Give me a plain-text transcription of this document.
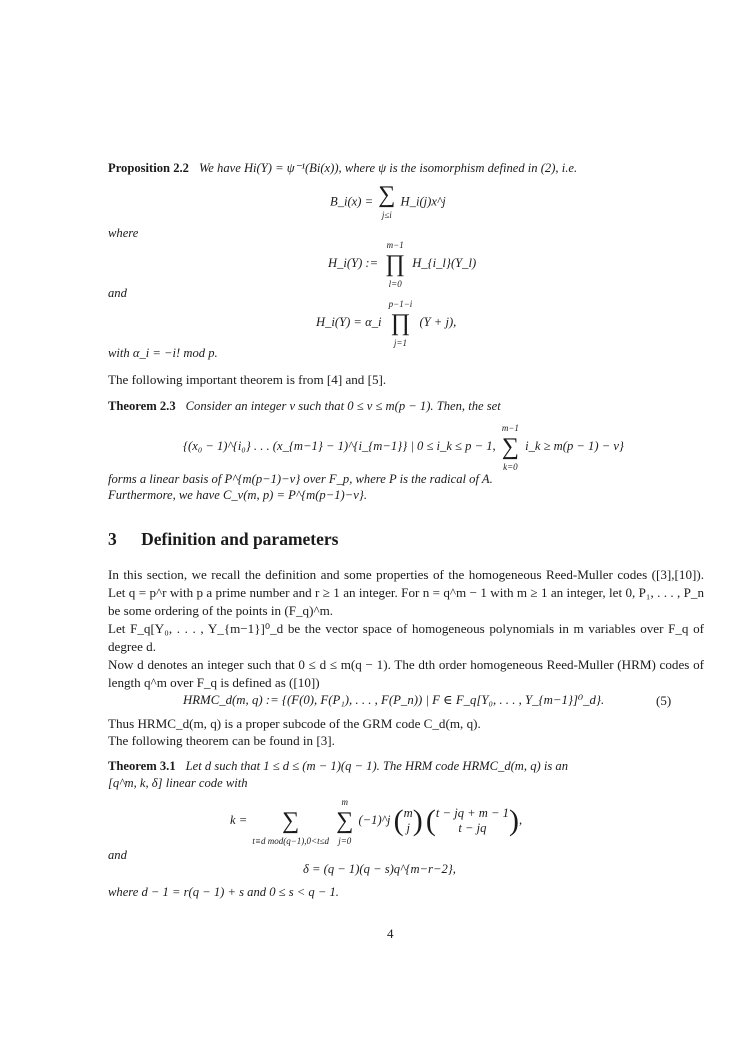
Proposition 2.2 We have Hi(Y) = ψ⁻¹(Bi(x)), where ψ is the isomorphism defined in (2), i.e.
B_i(x) = ∑
j≤i H_i(j)x^j
where
H_i(Y) := m−1
∏
l=0 H_{i_l}(Y_l)
and
H_i(Y) = α_i p−1−i
∏
j=1 (Y + j),
with α_i = −i! mod p.
The following important theorem is from [4] and [5].
Theorem 2.3 Consider an integer ν such that 0 ≤ ν ≤ m(p − 1). Then, the set
{(x₀ − 1)^{i₀} . . . (x_{m−1} − 1)^{i_{m−1}} | 0 ≤ i_k ≤ p − 1, m−1
∑
k=0 i_k ≥ m(p − 1) − ν}
forms a linear basis of P^{m(p−1)−ν} over F_p, where P is the radical of A.
Furthermore, we have C_ν(m, p) = P^{m(p−1)−ν}.
3 Definition and parameters
In this section, we recall the definition and some properties of the homogeneous Reed-Muller codes ([3],[10]). Let q = p^r with p a prime number and r ≥ 1 an integer. For n = q^m − 1 with m ≥ 1 an integer, let 0, P₁, . . . , P_n be some ordering of the points in (F_q)^m.
Let F_q[Y₀, . . . , Y_{m−1}]⁰_d be the vector space of homogeneous polynomials in m variables over F_q of degree d.
Now d denotes an integer such that 0 ≤ d ≤ m(q − 1). The dth order homogeneous Reed-Muller (HRM) codes of length q^m over F_q is defined as ([10])
HRMC_d(m, q) := {(F(0), F(P₁), . . . , F(P_n)) | F ∈ F_q[Y₀, . . . , Y_{m−1}]⁰_d}.	(5)
Thus HRMC_d(m, q) is a proper subcode of the GRM code C_d(m, q).
The following theorem can be found in [3].
Theorem 3.1 Let d such that 1 ≤ d ≤ (m − 1)(q − 1). The HRM code HRMC_d(m, q) is an
[q^m, k, δ] linear code with
k = ∑
t≡d mod(q−1),0<t≤d m
∑
j=0 (−1)^j (m
j) (t − jq + m − 1
t − jq ),
and
δ = (q − 1)(q − s)q^{m−r−2},
where d − 1 = r(q − 1) + s and 0 ≤ s < q − 1.
4
